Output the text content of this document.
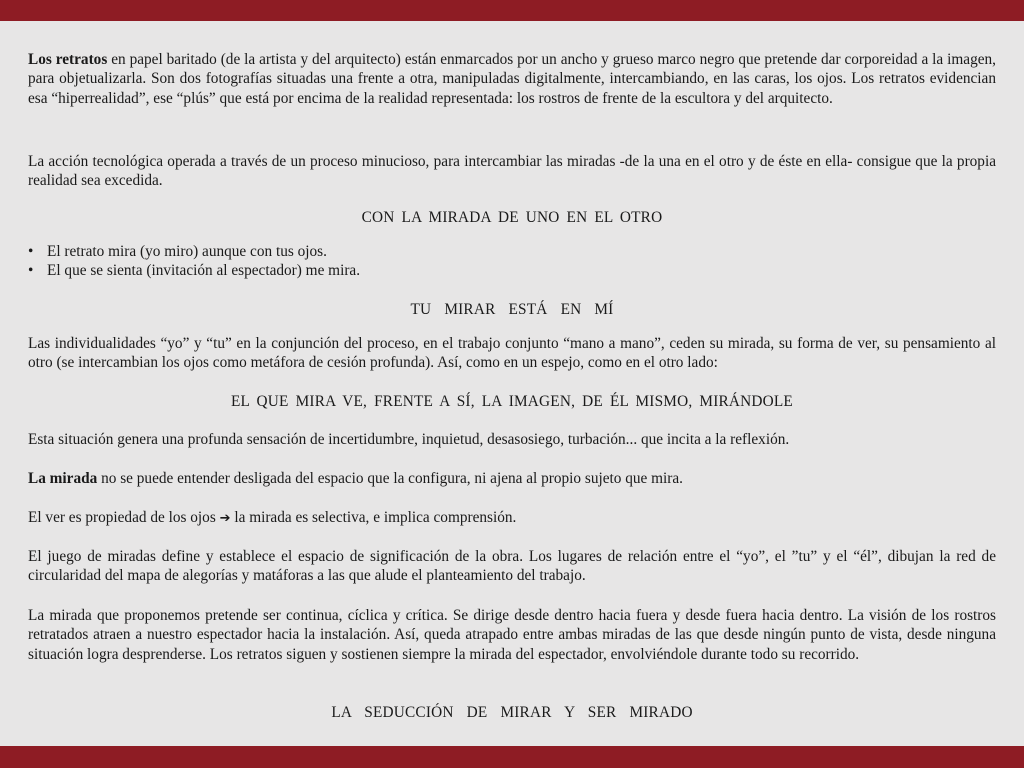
Los retratos en papel baritado (de la artista y del arquitecto) están enmarcados por un ancho y grueso marco negro que pretende dar corporeidad a la imagen, para objetualizarla. Son dos fotografías situadas una frente a otra, manipuladas digitalmente, intercambiando, en las caras, los ojos. Los retratos evidencian esa “hiperrealidad”, ese “plús” que está por encima de la realidad representada: los rostros de frente de la escultora y del arquitecto.

La acción tecnológica operada a través de un proceso minucioso, para intercambiar las miradas -de la una en el otro y de éste en ella- consigue que la propia realidad sea excedida.

CON LA MIRADA DE UNO EN EL OTRO

• El retrato mira (yo miro) aunque con tus ojos.
• El que se sienta (invitación al espectador) me mira.

TU MIRAR ESTÁ EN MÍ

Las individualidades “yo” y “tu” en la conjunción del proceso, en el trabajo conjunto “mano a mano”, ceden su mirada, su forma de ver, su pensamiento al otro (se intercambian los ojos como metáfora de cesión profunda). Así, como en un espejo, como en el otro lado:

EL QUE MIRA VE, FRENTE A SÍ, LA IMAGEN, DE ÉL MISMO, MIRÁNDOLE

Esta situación genera una profunda sensación de incertidumbre, inquietud, desasosiego, turbación... que incita a la reflexión.

La mirada no se puede entender desligada del espacio que la configura, ni ajena al propio sujeto que mira.

El ver es propiedad de los ojos ➔ la mirada es selectiva, e implica comprensión.

El juego de miradas define y establece el espacio de significación de la obra. Los lugares de relación entre el “yo”, el ”tu” y el “él”, dibujan la red de circularidad del mapa de alegorías y matáforas a las que alude el planteamiento del trabajo.

La mirada que proponemos pretende ser continua, cíclica y crítica. Se dirige desde dentro hacia fuera y desde fuera hacia dentro. La visión de los rostros retratados atraen a nuestro espectador hacia la instalación. Así, queda atrapado entre ambas miradas de las que desde ningún punto de vista, desde ninguna situación logra desprenderse. Los retratos siguen y sostienen siempre la mirada del espectador, envolviéndole durante todo su recorrido.

LA SEDUCCIÓN DE MIRAR Y SER MIRADO
